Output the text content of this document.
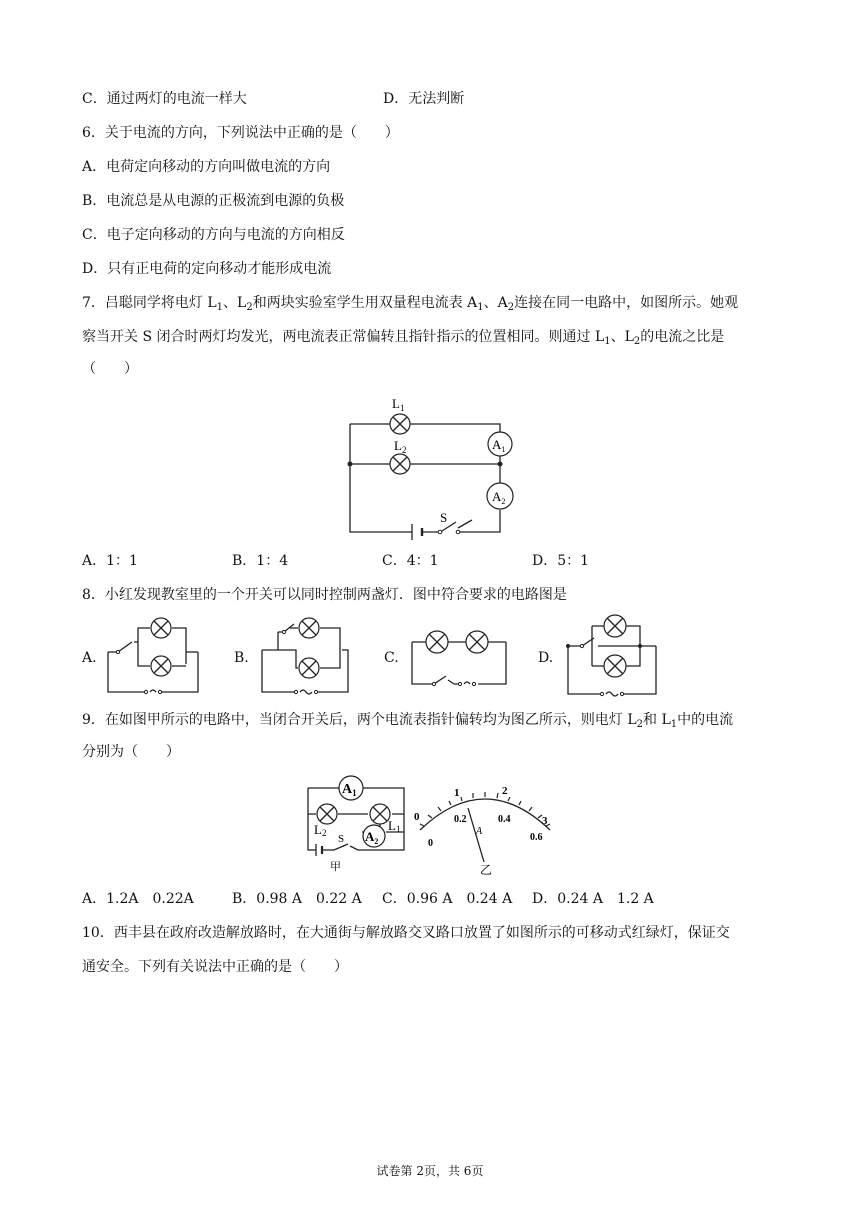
C．通过两灯的电流一样大	D．无法判断
6．关于电流的方向，下列说法中正确的是（　　）
A．电荷定向移动的方向叫做电流的方向
B．电流总是从电源的正极流到电源的负极
C．电子定向移动的方向与电流的方向相反
D．只有正电荷的定向移动才能形成电流
7．吕聪同学将电灯 $L_1$、$L_2$和两块实验室学生用双量程电流表 $A_1$、$A_2$连接在同一电路中，如图所示。她观
察当开关 S 闭合时两灯均发光，两电流表正常偏转且指针指示的位置相同。则通过 $L_1$、$L_2$的电流之比是
（　　）
S
$L_1$
$L_2$	$A_1$
$A_2$
A．1：1	B．1：4	C．4：1	D．5：1
8．小红发现教室里的一个开关可以同时控制两盏灯．图中符合要求的电路图是
A.	B.	C.	D.
9．在如图甲所示的电路中，当闭合开关后，两个电流表指针偏转均为图乙所示，则电灯 $L_2$和 $L_1$中的电流
分别为（　　）
$A_1$
L2	L1
$A_2$
S
甲
0
1	2
3
0
0.2	0.4
0.6
A
乙
A．1.2A　0.22A	B．0.98 A　0.22 A C．0.96 A　0.24 A D．0.24 A　1.2 A
10．西丰县在政府改造解放路时，在大通街与解放路交叉路口放置了如图所示的可移动式红绿灯，保证交
通安全。下列有关说法中正确的是（　　）
试卷第 2页，共 6页
